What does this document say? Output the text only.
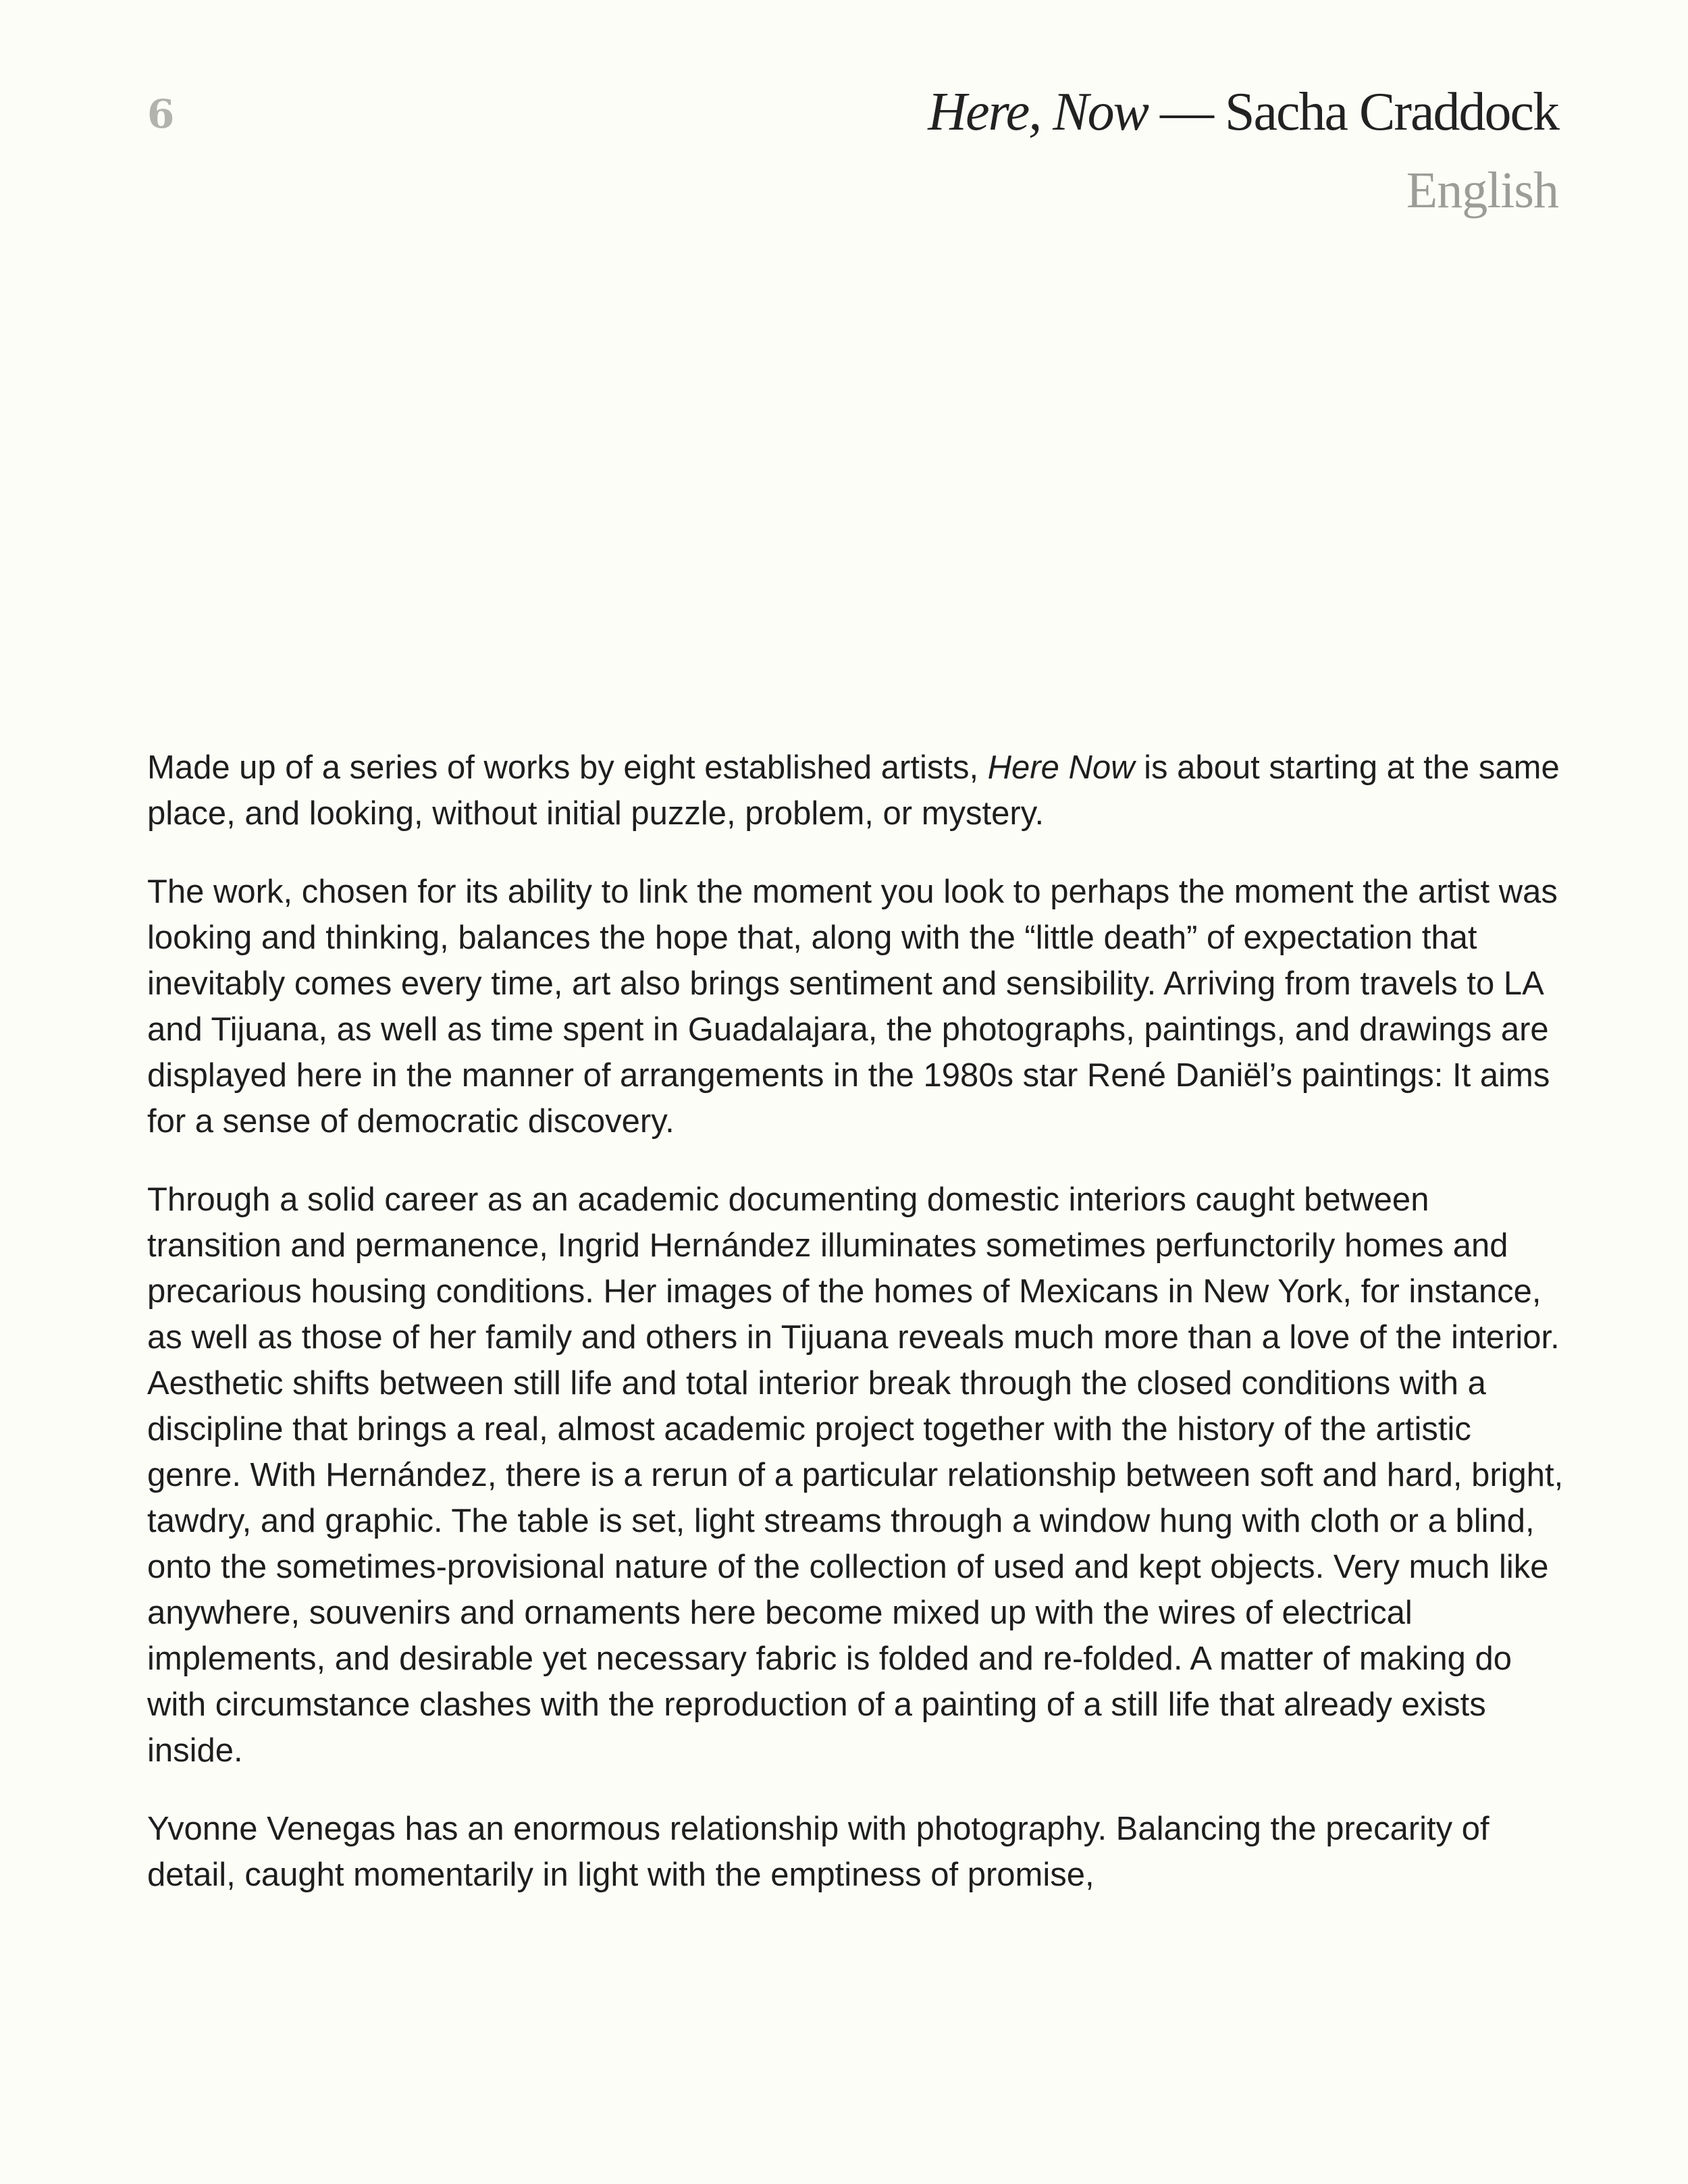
6	Here, Now — Sacha Craddock
English

Made up of a series of works by eight established artists, Here Now is about starting at the same place, and looking, without initial puzzle, problem, or mystery.

The work, chosen for its ability to link the moment you look to perhaps the moment the artist was looking and thinking, balances the hope that, along with the “little death” of expectation that inevitably comes every time, art also brings sentiment and sensibility. Arriving from travels to LA and Tijuana, as well as time spent in Guadalajara, the photographs, paintings, and drawings are displayed here in the manner of arrangements in the 1980s star René Daniël’s paintings: It aims for a sense of democratic discovery.

Through a solid career as an academic documenting domestic interiors caught between transition and permanence, Ingrid Hernández illuminates sometimes perfunctorily homes and precarious housing conditions. Her images of the homes of Mexicans in New York, for instance, as well as those of her family and others in Tijuana reveals much more than a love of the interior. Aesthetic shifts between still life and total interior break through the closed conditions with a discipline that brings a real, almost academic project together with the history of the artistic genre. With Hernández, there is a rerun of a particular relationship between soft and hard, bright, tawdry, and graphic. The table is set, light streams through a window hung with cloth or a blind, onto the sometimes-provisional nature of the collection of used and kept objects. Very much like anywhere, souvenirs and ornaments here become mixed up with the wires of electrical implements, and desirable yet necessary fabric is folded and re-folded. A matter of making do with circumstance clashes with the reproduction of a painting of a still life that already exists inside.

Yvonne Venegas has an enormous relationship with photography. Balancing the precarity of detail, caught momentarily in light with the emptiness of promise,
